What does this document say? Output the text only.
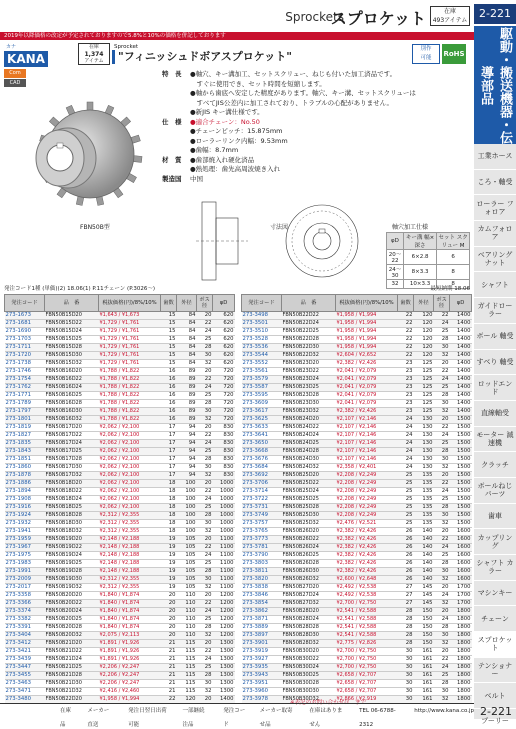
Sprockets
スプロケット	在庫
493アイテム
2-221
駆動・搬送機器・伝導部品
工業ホース
ころ・軸受
ローラー フォロア
カムフォロア
ベアリング ナット
シャフト
ガイドローラー
ボール 軸受
すべり 軸受
ロッドエンド
直線軸受
モーター 減速機
クラッチ
ボールねじ パーツ
歯車
カップリング
シャフト カラー
マシンキー
チェーン
スプロケット
テンショナー
ベルト
プーリー
2019年以降価格の改定が予定されておりますので5.8%と10%の価格を併記しております
カナ
KANA
Com
CAD
在庫
1,374
アイテム
Sprocket
"フィニッシュドボアスプロケット"
別作
可能	RoHS
特　長	●軸穴、キー溝加工、セットスクリュー、ねじも付いた加工済品です。
　すぐに使用でき、セット時間を短縮します。
●軸から歯底へ安定した精度があります。軸穴、キー溝、セットスクリューは
　すべてJIS公差内に加工されており、トラブルの心配がありません。
●新JIS キー溝仕様です。
仕　様	●適合チェーン：No.50
●チェーンピッチ：15.875mm
●ローラーリンク内幅：9.53mm
●歯幅：8.7mm
材　質	●歯部焼入れ硬化済品
●熱処理：歯先高周波焼き入れ
製造国	中国
FBN50B型	寸法図	軸穴加工仕様
φD	キー溝 幅×深さ	セット スクリュー M
20～22	6×2.8	6
24～30	8×3.3	8
32	10×3.3	8
発注コード1種 (単価)(2) 18.06(1) P.11チェーン (P.3026〜)	最短納期 18.06
発注コード	品　番	税抜価格(円)/8%/10%	歯数	外径	ボス径	φD
273-1673	FBN50B15D20	¥1,643 / ¥1,673	15	84	20	620
273-1681	FBN50B15D22	¥1,729 / ¥1,761	15	84	22	620
273-1690	FBN50B15D24	¥1,729 / ¥1,761	15	84	24	620
273-1703	FBN50B15D25	¥1,729 / ¥1,761	15	84	25	620
273-1711	FBN50B15D28	¥1,729 / ¥1,761	15	84	28	620
273-1720	FBN50B15D30	¥1,729 / ¥1,761	15	84	30	620
273-1738	FBN50B15D32	¥1,729 / ¥1,761	15	84	32	620
273-1746	FBN50B16D20	¥1,788 / ¥1,822	16	89	20	720
273-1754	FBN50B16D22	¥1,788 / ¥1,822	16	89	22	720
273-1762	FBN50B16D24	¥1,788 / ¥1,822	16	89	24	720
273-1771	FBN50B16D25	¥1,788 / ¥1,822	16	89	25	720
273-1789	FBN50B16D28	¥1,788 / ¥1,822	16	89	28	720
273-1797	FBN50B16D30	¥1,788 / ¥1,822	16	89	30	720
273-1801	FBN50B16D32	¥1,788 / ¥1,822	16	89	32	720
273-1819	FBN50B17D20	¥2,062 / ¥2,100	17	94	20	830
273-1827	FBN50B17D22	¥2,062 / ¥2,100	17	94	22	830
273-1835	FBN50B17D24	¥2,062 / ¥2,100	17	94	24	830
273-1843	FBN50B17D25	¥2,062 / ¥2,100	17	94	25	830
273-1851	FBN50B17D28	¥2,062 / ¥2,100	17	94	28	830
273-1860	FBN50B17D30	¥2,062 / ¥2,100	17	94	30	830
273-1878	FBN50B17D32	¥2,062 / ¥2,100	17	94	32	830
273-1886	FBN50B18D20	¥2,062 / ¥2,100	18	100	20	1000
273-1894	FBN50B18D22	¥2,062 / ¥2,100	18	100	22	1000
273-1908	FBN50B18D24	¥2,062 / ¥2,100	18	100	24	1000
273-1916	FBN50B18D25	¥2,062 / ¥2,100	18	100	25	1000
273-1924	FBN50B18D28	¥2,312 / ¥2,355	18	100	28	1000
273-1932	FBN50B18D30	¥2,312 / ¥2,355	18	100	30	1000
273-1941	FBN50B18D32	¥2,312 / ¥2,355	18	100	32	1000
273-1959	FBN50B19D20	¥2,148 / ¥2,188	19	105	20	1100
273-1967	FBN50B19D22	¥2,148 / ¥2,188	19	105	22	1100
273-1975	FBN50B19D24	¥2,148 / ¥2,188	19	105	24	1100
273-1983	FBN50B19D25	¥2,148 / ¥2,188	19	105	25	1100
273-1991	FBN50B19D28	¥2,148 / ¥2,188	19	105	28	1100
273-2009	FBN50B19D30	¥2,312 / ¥2,355	19	105	30	1100
273-2017	FBN50B19D32	¥2,312 / ¥2,355	19	105	32	1100
273-3358	FBN50B20D20	¥1,840 / ¥1,874	20	110	20	1200
273-3366	FBN50B20D22	¥1,840 / ¥1,874	20	110	22	1200
273-3374	FBN50B20D24	¥1,840 / ¥1,874	20	110	24	1200
273-3382	FBN50B20D25	¥1,840 / ¥1,874	20	110	25	1200
273-3391	FBN50B20D28	¥1,840 / ¥1,874	20	110	28	1200
273-3404	FBN50B20D32	¥2,075 / ¥2,113	20	110	32	1200
273-3412	FBN50B21D20	¥1,891 / ¥1,926	21	115	20	1300
273-3421	FBN50B21D22	¥1,891 / ¥1,926	21	115	22	1300
273-3439	FBN50B21D24	¥1,891 / ¥1,926	21	115	24	1300
273-3447	FBN50B21D25	¥2,206 / ¥2,247	21	115	25	1300
273-3455	FBN50B21D28	¥2,206 / ¥2,247	21	115	28	1300
273-3463	FBN50B21D30	¥2,206 / ¥2,247	21	115	30	1300
273-3471	FBN50B21D32	¥2,416 / ¥2,460	21	115	32	1300
273-3480	FBN50B22D20	¥1,958 / ¥1,994	22	120	20	1400
発注コード	品　番	税抜価格(円)/8%/10%	歯数	外径	ボス径	φD
273-3498	FBN50B22D22	¥1,958 / ¥1,994	22	120	22	1400
273-3501	FBN50B22D24	¥1,958 / ¥1,994	22	120	24	1400
273-3510	FBN50B22D25	¥1,958 / ¥1,994	22	120	25	1400
273-3528	FBN50B22D28	¥1,958 / ¥1,994	22	120	28	1400
273-3536	FBN50B22D30	¥1,958 / ¥1,994	22	120	30	1400
273-3544	FBN50B22D32	¥2,604 / ¥2,652	22	120	32	1400
273-3552	FBN50B23D20	¥2,382 / ¥2,426	23	125	20	1400
273-3561	FBN50B23D22	¥2,041 / ¥2,079	23	125	22	1400
273-3579	FBN50B23D24	¥2,041 / ¥2,079	23	125	24	1400
273-3587	FBN50B23D25	¥2,041 / ¥2,079	23	125	25	1400
273-3595	FBN50B23D28	¥2,041 / ¥2,079	23	125	28	1400
273-3609	FBN50B23D30	¥2,041 / ¥2,079	23	125	30	1400
273-3617	FBN50B23D32	¥2,382 / ¥2,426	23	125	32	1400
273-3625	FBN50B24D20	¥2,107 / ¥2,146	24	130	20	1500
273-3633	FBN50B24D22	¥2,107 / ¥2,146	24	130	22	1500
273-3641	FBN50B24D24	¥2,107 / ¥2,146	24	130	24	1500
273-3650	FBN50B24D25	¥2,107 / ¥2,146	24	130	25	1500
273-3668	FBN50B24D28	¥2,107 / ¥2,146	24	130	28	1500
273-3676	FBN50B24D30	¥2,107 / ¥2,146	24	130	30	1500
273-3684	FBN50B24D32	¥2,358 / ¥2,401	24	130	32	1500
273-3692	FBN50B25D20	¥2,208 / ¥2,249	25	135	20	1500
273-3706	FBN50B25D22	¥2,208 / ¥2,249	25	135	22	1500
273-3714	FBN50B25D24	¥2,208 / ¥2,249	25	135	24	1500
273-3722	FBN50B25D25	¥2,208 / ¥2,249	25	135	25	1500
273-3731	FBN50B25D28	¥2,208 / ¥2,249	25	135	28	1500
273-3749	FBN50B25D30	¥2,208 / ¥2,249	25	135	30	1500
273-3757	FBN50B25D32	¥2,476 / ¥2,521	25	135	32	1500
273-3765	FBN50B26D20	¥2,382 / ¥2,426	26	140	20	1600
273-3773	FBN50B26D22	¥2,382 / ¥2,426	26	140	22	1600
273-3781	FBN50B26D24	¥2,382 / ¥2,426	26	140	24	1600
273-3790	FBN50B26D25	¥2,382 / ¥2,426	26	140	25	1600
273-3803	FBN50B26D28	¥2,382 / ¥2,426	26	140	28	1600
273-3811	FBN50B26D30	¥2,382 / ¥2,426	26	140	30	1600
273-3820	FBN50B26D32	¥2,600 / ¥2,648	26	140	32	1600
273-3838	FBN50B27D20	¥2,492 / ¥2,538	27	145	20	1700
273-3846	FBN50B27D24	¥2,492 / ¥2,538	27	145	24	1700
273-3854	FBN50B27D32	¥2,700 / ¥2,750	27	145	32	1700
273-3862	FBN50B28D20	¥2,541 / ¥2,588	28	150	20	1800
273-3871	FBN50B28D24	¥2,541 / ¥2,588	28	150	24	1800
273-3889	FBN50B28D28	¥2,541 / ¥2,588	28	150	28	1800
273-3897	FBN50B28D30	¥2,541 / ¥2,588	28	150	30	1800
273-3901	FBN50B28D32	¥2,775 / ¥2,826	28	150	32	1800
273-3919	FBN50B30D20	¥2,700 / ¥2,750	30	161	20	1800
273-3927	FBN50B30D22	¥2,700 / ¥2,750	30	161	22	1800
273-3935	FBN50B30D24	¥2,700 / ¥2,750	30	161	24	1800
273-3943	FBN50B30D25	¥2,658 / ¥2,707	30	161	25	1800
273-3951	FBN50B30D28	¥2,658 / ¥2,707	30	161	28	1800
273-3960	FBN50B30D30	¥2,658 / ¥2,707	30	161	30	1800
273-3978	FBN50B30D32	¥2,866 / ¥2,919	30	161	32	1800
※表記のお問い合わせは…まで
在庫品
メーカー直送
発注日翌日出荷可能
一部継続注品
発注コード
メーカー取寄せ品
在庫はありません
TEL 06-6788-2312
http://www.kana.co.jp 2-221
